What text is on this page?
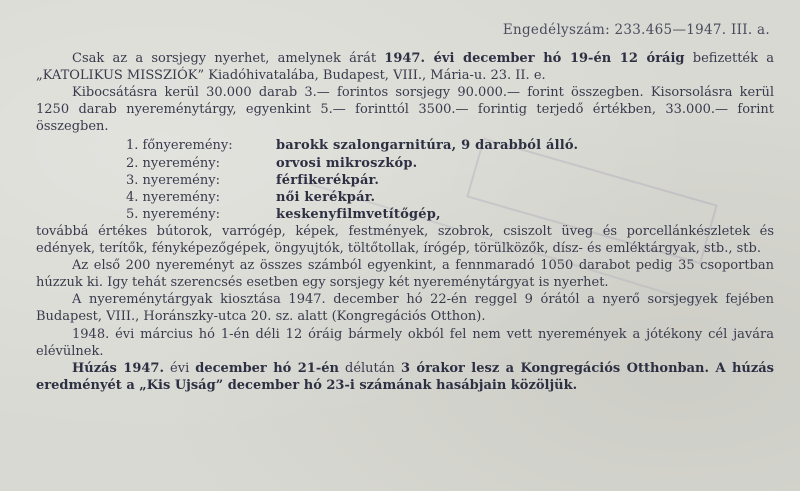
Engedélyszám: 233.465—1947. III. a.

Csak az a sorsjegy nyerhet, amelynek árát 1947. évi december hó 19-én 12 óráig befizették a „KATOLIKUS MISSZIÓK” Kiadóhivatalába, Budapest, VIII., Mária-u. 23. II. e.

Kibocsátásra kerül 30.000 darab 3.— forintos sorsjegy 90.000.— forint összegben. Kisorsolásra kerül 1250 darab nyereménytárgy, egyenkint 5.— forinttól 3500.— forintig terjedő értékben, 33.000.— forint összegben.

1. főnyeremény:	barokk szalongarnitúra, 9 darabból álló.
2. nyeremény:	orvosi mikroszkóp.
3. nyeremény:	férfikerékpár.
4. nyeremény:	női kerékpár.
5. nyeremény:	keskenyfilmvetítőgép,

továbbá értékes bútorok, varrógép, képek, festmények, szobrok, csiszolt üveg és porcellánkészletek és edények, terítők, fényképezőgépek, öngyujtók, töltőtollak, írógép, törülközők, dísz- és emléktárgyak, stb., stb.

Az első 200 nyereményt az összes számból egyenkint, a fennmaradó 1050 darabot pedig 35 csoportban húzzuk ki. Igy tehát szerencsés esetben egy sorsjegy két nyereménytárgyat is nyerhet.

A nyereménytárgyak kiosztása 1947. december hó 22-én reggel 9 órától a nyerő sorsjegyek fejében Budapest, VIII., Horánszky-utca 20. sz. alatt (Kongregációs Otthon).

1948. évi március hó 1-én déli 12 óráig bármely okból fel nem vett nyeremények a jótékony cél javára elévülnek.

Húzás 1947. évi december hó 21-én délután 3 órakor lesz a Kongregációs Otthonban. A húzás eredményét a „Kis Ujság” december hó 23-i számának hasábjain közöljük.
